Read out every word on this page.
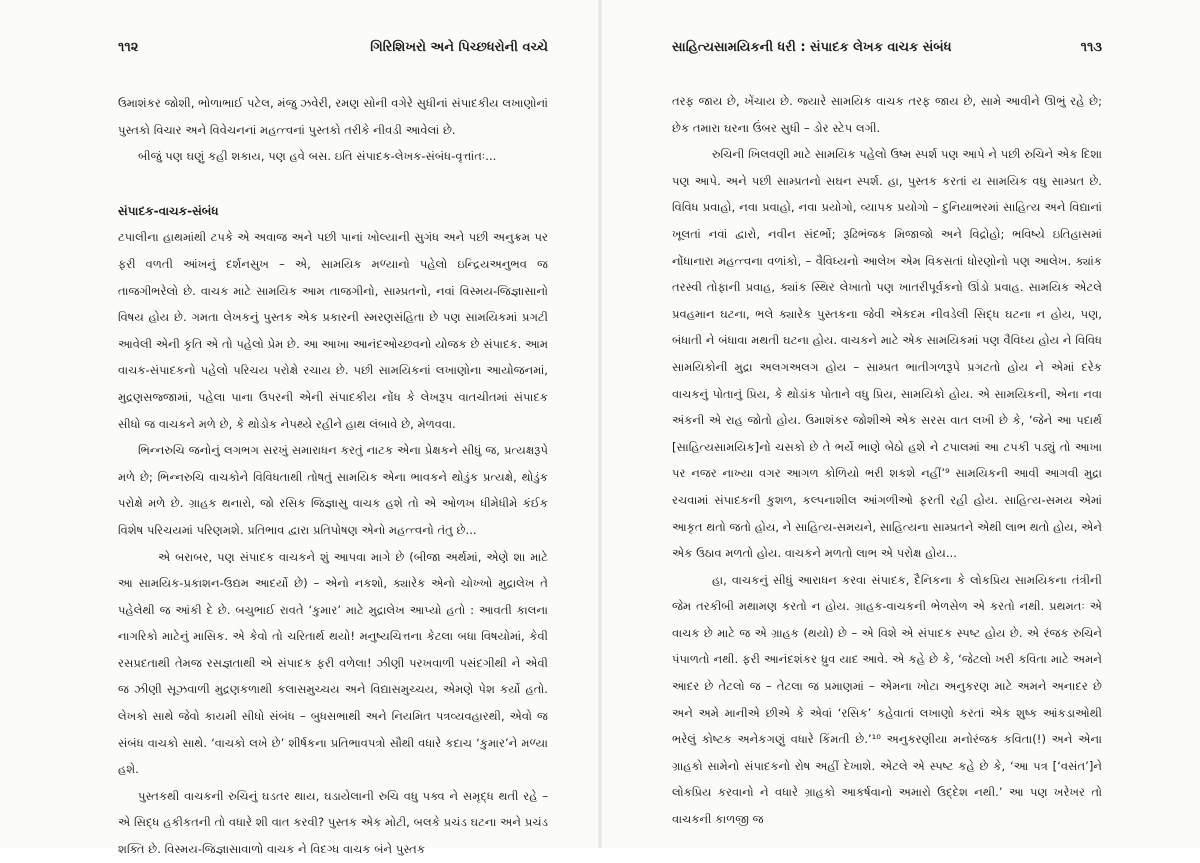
૧૧૨	ગિરિશિખરો અને પિચ્છધરોની વચ્ચે

ઉમાશંકર જોશી, ભોળાભાઈ પટેલ, મંજુ ઝવેરી, રમણ સોની વગેરે સુધીનાં સંપાદકીય લખાણોનાં પુસ્તકો વિચાર અને વિવેચનનાં મહત્ત્વનાં પુસ્તકો તરીકે નીવડી આવેલાં છે.

બીજું પણ ઘણું કહી શકાય, પણ હવે બસ. ઇતિ સંપાદક-લેખક-સંબંધ-વૃત્તાંતઃ...

સંપાદક-વાચક-સંબંધ

ટપાલીના હાથમાંથી ટપકે એ અવાજ અને પછી પાનાં ખોલ્યાની સુગંધ અને પછી અનુક્રમ પર ફરી વળતી આંખનું દર્શનસુખ – એ, સામયિક મળ્યાનો પહેલો ઇન્દ્રિયઅનુભવ જ તાજગીભરેલો છે. વાચક માટે સામયિક આમ તાજગીનો, સામ્પ્રતનો, નવાં વિસ્મય-જિજ્ઞાસાનો વિષય હોય છે. ગમતા લેખકનું પુસ્તક એક પ્રકારની સ્મરણસંહિતા છે પણ સામયિકમાં પ્રગટી આવેલી એની કૃતિ એ તો પહેલો પ્રેમ છે. આ આખા આનંદઓચ્છવનો યોજક છે સંપાદક. આમ વાચક-સંપાદકનો પહેલો પરિચય પરોક્ષે રચાય છે. પછી સામયિકનાં લખાણોના આયોજનમાં, મુદ્રણસજ્જામાં, પહેલા પાના ઉપરની એની સંપાદકીય નોંધ કે લેખરૂપ વાતચીતમાં સંપાદક સીધો જ વાચકને મળે છે, કે થોડોક નેપથ્યે રહીને હાથ લંબાવે છે, મેળવવા.

ભિન્નરુચિ જનોનું લગભગ સરખું સમારાધન કરતું નાટક એના પ્રેક્ષકને સીધું જ, પ્રત્યક્ષરૂપે મળે છે; ભિન્નરુચિ વાચકોને વિવિધતાથી તોષતું સામયિક એના ભાવકને થોડુંક પ્રત્યક્ષે, થોડુંક પરોક્ષે મળે છે. ગ્રાહક થનારો, જો રસિક જિજ્ઞાસુ વાચક હશે તો એ ઓળખ ધીમેધીમે કંઈક વિશેષ પરિચયમાં પરિણમશે. પ્રતિભાવ દ્વારા પ્રતિપોષણ એનો મહત્ત્વનો તંતુ છે...

એ બરાબર, પણ સંપાદક વાચકને શું આપવા માગે છે (બીજા અર્થમાં, એણે શા માટે આ સામયિક-પ્રકાશન-ઉદ્યમ આદર્યો છે) – એનો નકશો, ક્યારેક એનો ચોખ્ખો મુદ્રાલેખ તે પહેલેથી જ આંકી દે છે. બચુભાઈ રાવતે ‘કુમાર’ માટે મુદ્રાલેખ આપ્યો હતો : આવતી કાલના નાગરિકો માટેનું માસિક. એ કેવો તો ચરિતાર્થ થયો! મનુષ્યચિત્તના કેટલા બધા વિષયોમાં, કેવી રસપ્રદતાથી તેમજ રસજ્ઞતાથી એ સંપાદક ફરી વળેલા! ઝીણી પરખવાળી પસંદગીથી ને એવી જ ઝીણી સૂઝવાળી મુદ્રણકળાથી કલાસમુચ્ચય અને વિદ્યાસમુચ્ચય, એમણે પેશ કર્યો હતો. લેખકો સાથે જેવો કાયમી સીધો સંબંધ – બુધસભાથી અને નિયમિત પત્રવ્યવહારથી, એવો જ સંબંધ વાચકો સાથે. ‘વાચકો લખે છે’ શીર્ષકના પ્રતિભાવપત્રો સૌથી વધારે કદાચ ‘કુમાર’ને મળ્યા હશે.

પુસ્તકથી વાચકની રુચિનું ઘડતર થાય, ઘડાયેલાની રુચિ વધુ પક્વ ને સમૃદ્ધ થતી રહે – એ સિદ્ધ હકીકતની તો વધારે શી વાત કરવી? પુસ્તક એક મોટી, બલકે પ્રચંડ ઘટના અને પ્રચંડ શક્તિ છે. વિસ્મય-જિજ્ઞાસાવાળો વાચક ને વિદગ્ધ વાચક બંને પુસ્તક

સાહિત્યસામયિકની ધરી : સંપાદક લેખક વાચક સંબંધ	૧૧૩

તરફ જાય છે, ખેંચાય છે. જ્યારે સામયિક વાચક તરફ જાય છે, સામે આવીને ઊભું રહે છે; છેક તમારા ઘરના ઉંબર સુધી – ડોર સ્ટેપ લગી.

રુચિની ખિલવણી માટે સામયિક પહેલો ઉષ્મ સ્પર્શ પણ આપે ને પછી રુચિને એક દિશા પણ આપે. અને પછી સામ્પ્રતનો સઘન સ્પર્શ. હા, પુસ્તક કરતાં ય સામયિક વધુ સામ્પ્રત છે. વિવિધ પ્રવાહો, નવા પ્રવાહો, નવા પ્રયોગો, વ્યાપક પ્રયોગો – દુનિયાભરમાં સાહિત્ય અને વિદ્યાનાં ખૂલતાં નવાં દ્વારો, નવીન સંદર્ભો; રૂઢિભંજક મિજાજો અને વિદ્રોહો; ભવિષ્યે ઇતિહાસમાં નોંધાનારા મહત્ત્વના વળાંકો, – વૈવિધ્યનો આલેખ એમ વિકસતાં ધોરણોનો પણ આલેખ. ક્યાંક તરસ્વી તોફાની પ્રવાહ, ક્યાંક સ્થિર લેખાતો પણ ખાતરીપૂર્વકનો ઊંડો પ્રવાહ. સામયિક એટલે પ્રવહમાન ઘટના, ભલે ક્યારેક પુસ્તકના જેવી એકદમ નીવડેલી સિદ્ધ ઘટના ન હોય, પણ, બંધાતી ને બંધાવા મથતી ઘટના હોય. વાચકને માટે એક સામયિકમાં પણ વૈવિધ્ય હોય ને વિવિધ સામયિકોની મુદ્રા અલગઅલગ હોય – સામ્પ્રત ભાતીગળરૂપે પ્રગટતો હોય ને એમાં દરેક વાચકનું પોતાનું પ્રિય, કે થોડાંક પોતાને વધુ પ્રિય, સામયિકો હોય. એ સામયિકની, એના નવા અંકની એ રાહ જોતો હોય. ઉમાશંકર જોશીએ એક સરસ વાત લખી છે કે, ‘જેને આ પદાર્થ [સાહિત્યસામયિક]નો ચસકો છે તે ભર્યે ભાણે બેઠો હશે ને ટપાલમાં આ ટપકી પડ્યું તો આખા પર નજર નાખ્યા વગર આગળ કોળિયો ભરી શકશે નહીં’⁹ સામયિકની આવી આગવી મુદ્રા રચવામાં સંપાદકની કુશળ, કલ્પનાશીલ આંગળીઓ ફરતી રહી હોય. સાહિત્ય-સમય એમાં આકૃત થતો જતો હોય, ને સાહિત્ય-સમયને, સાહિત્યના સામ્પ્રતને એથી લાભ થતો હોય, એને એક ઉઠાવ મળતો હોય. વાચકને મળતો લાભ એ પરોક્ષ હોય...

હા, વાચકનું સીધું આરાધન કરવા સંપાદક, દૈનિકના કે લોકપ્રિય સામયિકના તંત્રીની જેમ તરકીબી મથામણ કરતો ન હોય. ગ્રાહક-વાચકની ભેળસેળ એ કરતો નથી. પ્રથમતઃ એ વાચક છે માટે જ એ ગ્રાહક (થયો) છે – એ વિશે એ સંપાદક સ્પષ્ટ હોય છે. એ રંજક રુચિને પંપાળતો નથી. ફરી આનંદશંકર ધ્રુવ યાદ આવે. એ કહે છે કે, ‘જેટલો ખરી કવિતા માટે અમને આદર છે તેટલો જ – તેટલા જ પ્રમાણમાં – એમના ખોટા અનુકરણ માટે અમને અનાદર છે અને અમે માનીએ છીએ કે એવાં ‘રસિક’ કહેવાતાં લખાણો કરતાં એક શુષ્ક આંકડાઓથી ભરેલું કોષ્ટક અનેકગણું વધારે કિંમતી છે.’¹⁰ અનુકરણીયા મનોરંજક કવિતા(!) અને એના ગ્રાહકો સામેનો સંપાદકનો રોષ અહીં દેખાશે. એટલે એ સ્પષ્ટ કહે છે કે, ‘આ પત્ર [‘વસંત’]ને લોકપ્રિય કરવાનો ને વધારે ગ્રાહકો આકર્ષવાનો અમારો ઉદ્દેશ નથી.’ આ પણ ખરેખર તો વાચકની કાળજી જ
